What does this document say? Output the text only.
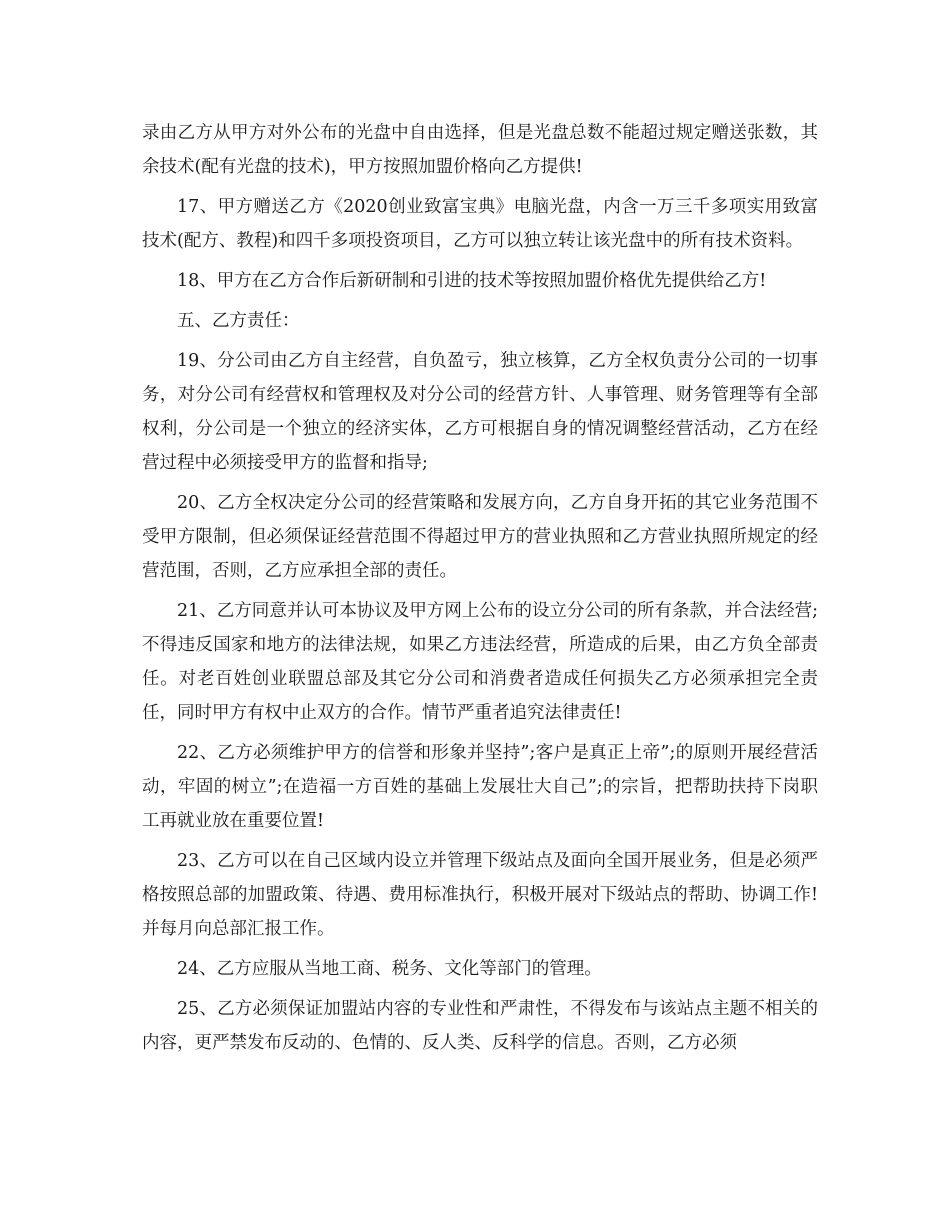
录由乙方从甲方对外公布的光盘中自由选择，但是光盘总数不能超过规定赠送张数，其余技术(配有光盘的技术)，甲方按照加盟价格向乙方提供!

17、甲方赠送乙方《2020创业致富宝典》电脑光盘，内含一万三千多项实用致富技术(配方、教程)和四千多项投资项目，乙方可以独立转让该光盘中的所有技术资料。

18、甲方在乙方合作后新研制和引进的技术等按照加盟价格优先提供给乙方!

五、乙方责任：

19、分公司由乙方自主经营，自负盈亏，独立核算，乙方全权负责分公司的一切事务，对分公司有经营权和管理权及对分公司的经营方针、人事管理、财务管理等有全部权利，分公司是一个独立的经济实体，乙方可根据自身的情况调整经营活动，乙方在经营过程中必须接受甲方的监督和指导;

20、乙方全权决定分公司的经营策略和发展方向，乙方自身开拓的其它业务范围不受甲方限制，但必须保证经营范围不得超过甲方的营业执照和乙方营业执照所规定的经营范围，否则，乙方应承担全部的责任。

21、乙方同意并认可本协议及甲方网上公布的设立分公司的所有条款，并合法经营;不得违反国家和地方的法律法规，如果乙方违法经营，所造成的后果，由乙方负全部责任。对老百姓创业联盟总部及其它分公司和消费者造成任何损失乙方必须承担完全责任，同时甲方有权中止双方的合作。情节严重者追究法律责任!

22、乙方必须维护甲方的信誉和形象并坚持”;客户是真正上帝”;的原则开展经营活动，牢固的树立”;在造福一方百姓的基础上发展壮大自己”;的宗旨，把帮助扶持下岗职工再就业放在重要位置!

23、乙方可以在自己区域内设立并管理下级站点及面向全国开展业务，但是必须严格按照总部的加盟政策、待遇、费用标准执行，积极开展对下级站点的帮助、协调工作!并每月向总部汇报工作。

24、乙方应服从当地工商、税务、文化等部门的管理。

25、乙方必须保证加盟站内容的专业性和严肃性，不得发布与该站点主题不相关的内容，更严禁发布反动的、色情的、反人类、反科学的信息。否则，乙方必须
